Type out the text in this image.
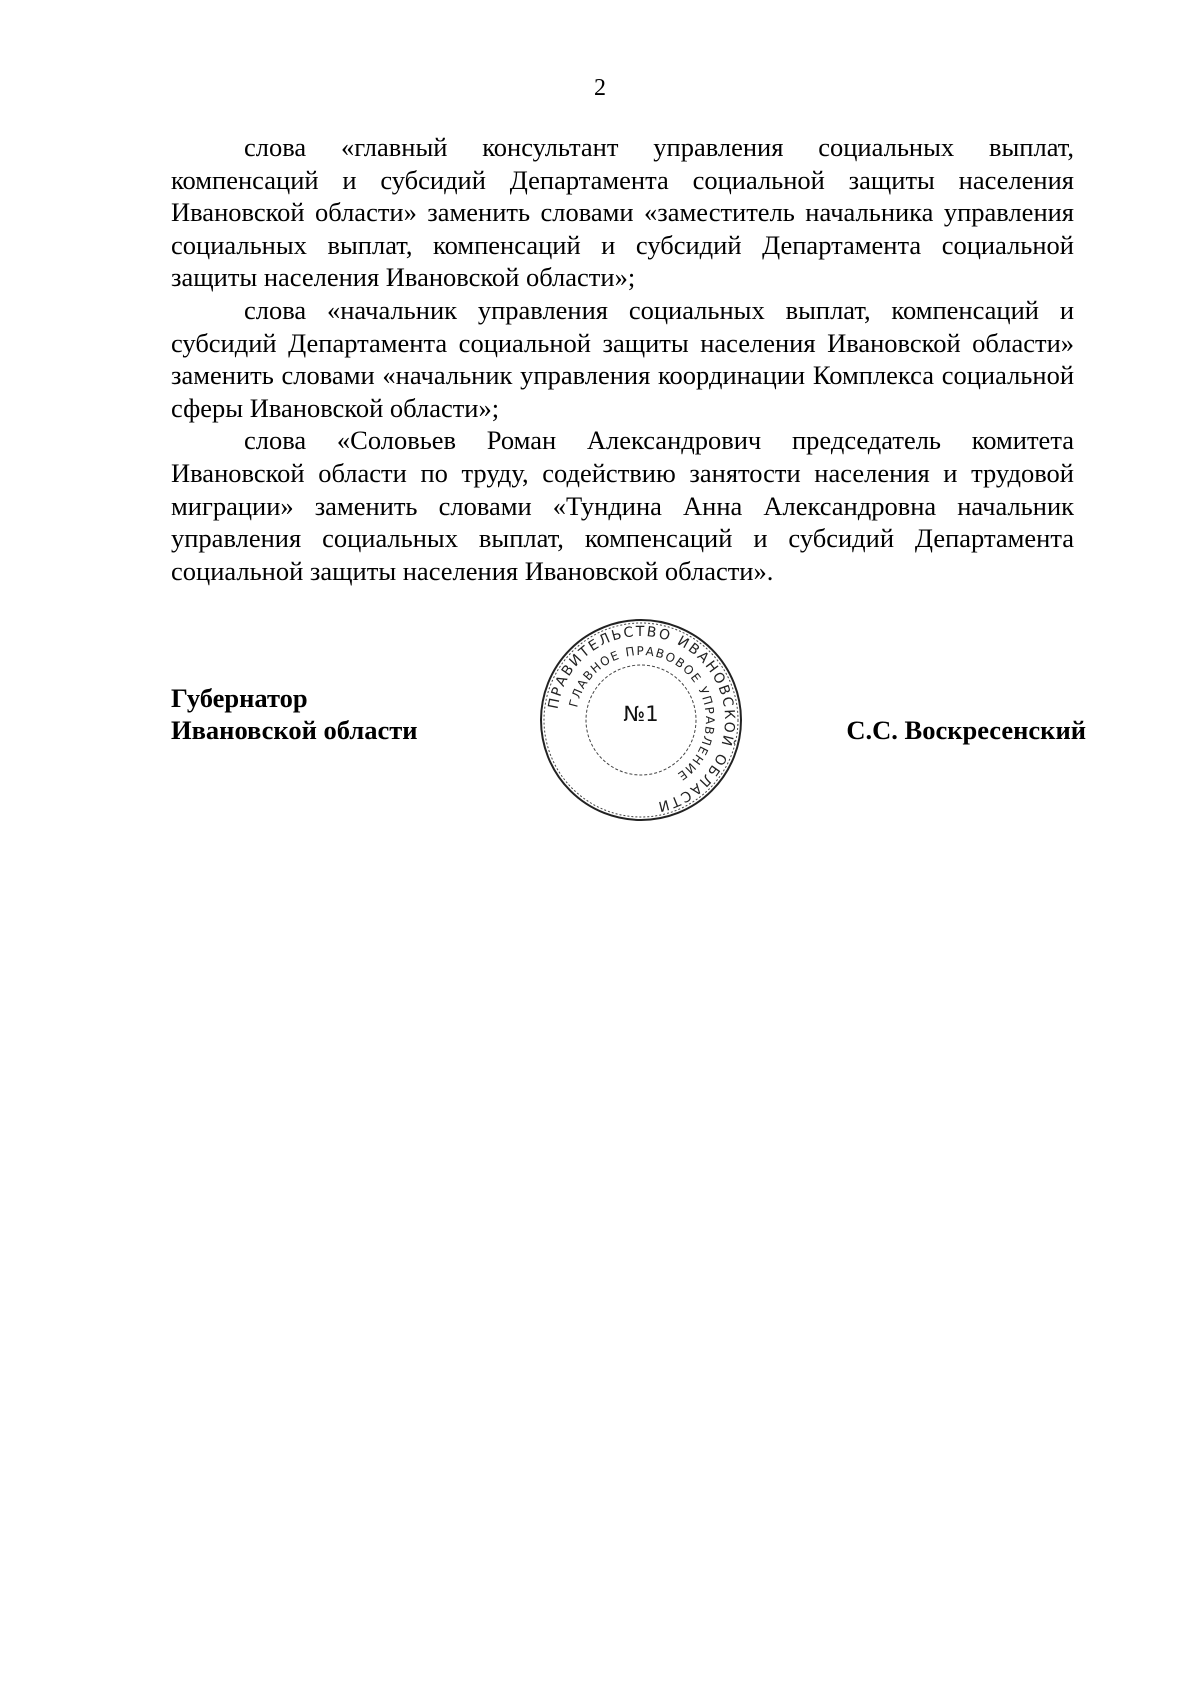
2

слова «главный консультант управления социальных выплат, компенсаций и субсидий Департамента социальной защиты населения Ивановской области» заменить словами «заместитель начальника управления социальных выплат, компенсаций и субсидий Департамента социальной защиты населения Ивановской области»;

слова «начальник управления социальных выплат, компенсаций и субсидий Департамента социальной защиты населения Ивановской области» заменить словами «начальник управления координации Комплекса социальной сферы Ивановской области»;

слова «Соловьев Роман Александрович председатель комитета Ивановской области по труду, содействию занятости населения и трудовой миграции» заменить словами «Тундина Анна Александровна начальник управления социальных выплат, компенсаций и субсидий Департамента социальной защиты населения Ивановской области».

Губернатор
Ивановской области	С.С. Воскресенский
ПРАВИТЕЛЬСТВО ИВАНОВСКОЙ ОБЛАСТИ
ГЛАВНОЕ ПРАВОВОЕ УПРАВЛЕНИЕ
№1
